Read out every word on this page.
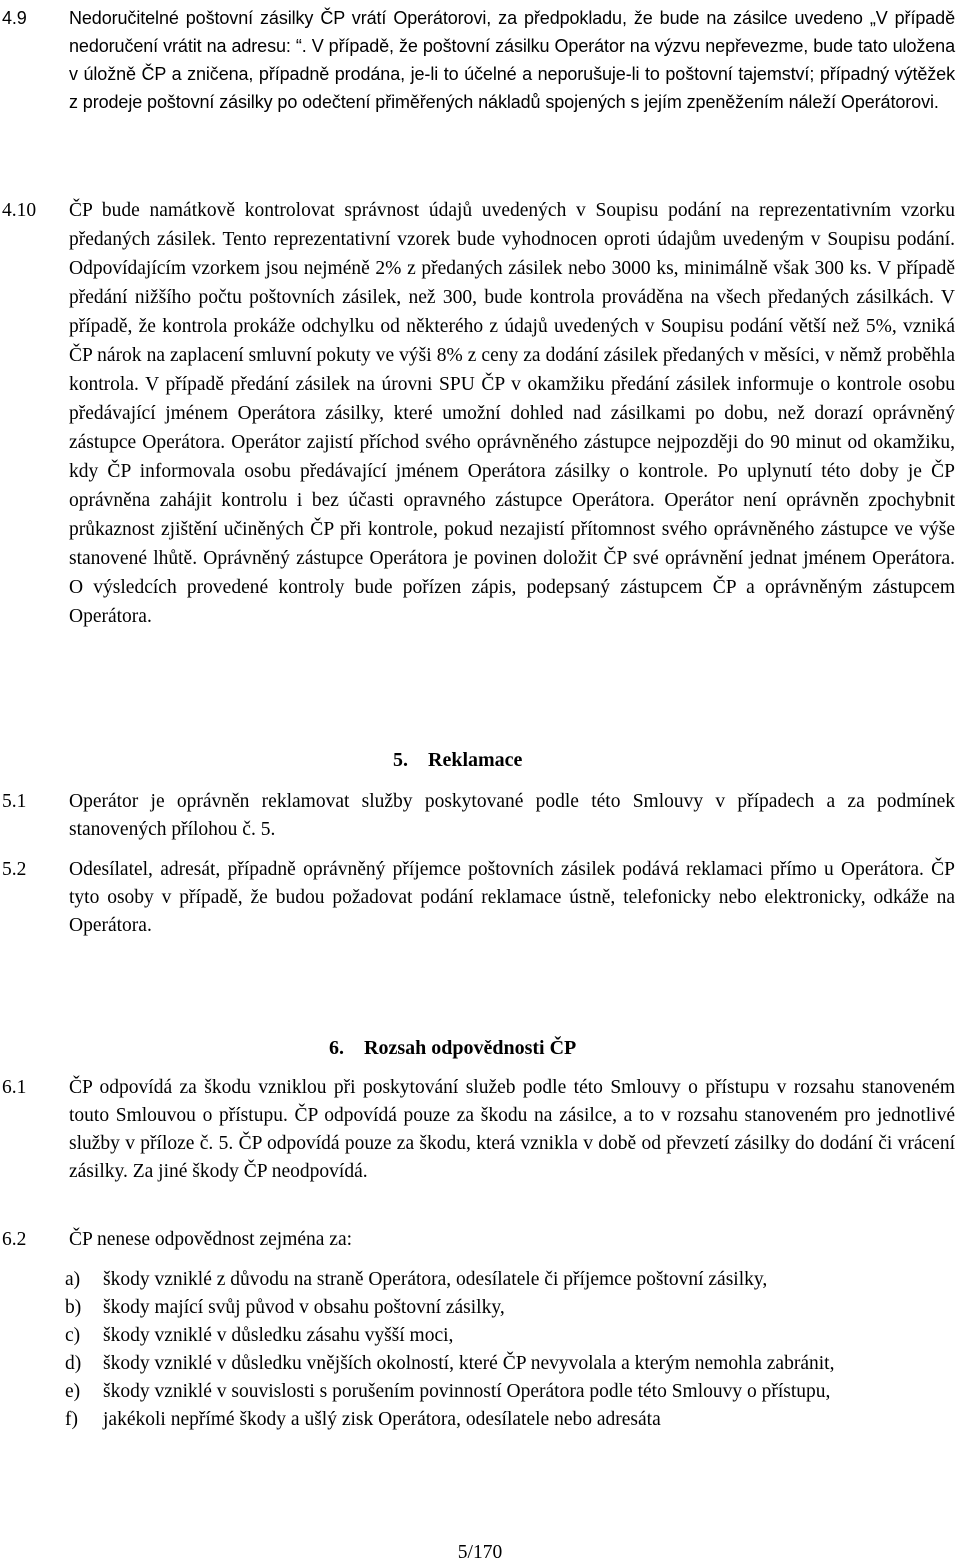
4.9 Nedoručitelné poštovní zásilky ČP vrátí Operátorovi, za předpokladu, že bude na zásilce uvedeno „V případě nedoručení vrátit na adresu: “. V případě, že poštovní zásilku Operátor na výzvu nepřevezme, bude tato uložena v úložně ČP a zničena, případně prodána, je-li to účelné a neporušuje-li to poštovní tajemství; případný výtěžek z prodeje poštovní zásilky po odečtení přiměřených nákladů spojených s jejím zpeněžením náleží Operátorovi.
4.10 ČP bude namátkově kontrolovat správnost údajů uvedených v Soupisu podání na reprezentativním vzorku předaných zásilek. Tento reprezentativní vzorek bude vyhodnocen oproti údajům uvedeným v Soupisu podání. Odpovídajícím vzorkem jsou nejméně 2% z předaných zásilek nebo 3000 ks, minimálně však 300 ks. V případě předání nižšího počtu poštovních zásilek, než 300, bude kontrola prováděna na všech předaných zásilkách. V případě, že kontrola prokáže odchylku od některého z údajů uvedených v Soupisu podání větší než 5%, vzniká ČP nárok na zaplacení smluvní pokuty ve výši 8% z ceny za dodání zásilek předaných v měsíci, v němž proběhla kontrola. V případě předání zásilek na úrovni SPU ČP v okamžiku předání zásilek informuje o kontrole osobu předávající jménem Operátora zásilky, které umožní dohled nad zásilkami po dobu, než dorazí oprávněný zástupce Operátora. Operátor zajistí příchod svého oprávněného zástupce nejpozději do 90 minut od okamžiku, kdy ČP informovala osobu předávající jménem Operátora zásilky o kontrole. Po uplynutí této doby je ČP oprávněna zahájit kontrolu i bez účasti opravného zástupce Operátora. Operátor není oprávněn zpochybnit průkaznost zjištění učiněných ČP při kontrole, pokud nezajistí přítomnost svého oprávněného zástupce ve výše stanovené lhůtě. Oprávněný zástupce Operátora je povinen doložit ČP své oprávnění jednat jménem Operátora. O výsledcích provedené kontroly bude pořízen zápis, podepsaný zástupcem ČP a oprávněným zástupcem Operátora.
5.    Reklamace
5.1 Operátor je oprávněn reklamovat služby poskytované podle této Smlouvy v případech a za podmínek stanovených přílohou č. 5.
5.2 Odesílatel, adresát, případně oprávněný příjemce poštovních zásilek podává reklamaci přímo u Operátora. ČP tyto osoby v případě, že budou požadovat podání reklamace ústně, telefonicky nebo elektronicky, odkáže na Operátora.
6.    Rozsah odpovědnosti ČP
6.1 ČP odpovídá za škodu vzniklou při poskytování služeb podle této Smlouvy o přístupu v rozsahu stanoveném touto Smlouvou o přístupu. ČP odpovídá pouze za škodu na zásilce, a to v rozsahu stanoveném pro jednotlivé služby v příloze č. 5. ČP odpovídá pouze za škodu, která vznikla v době od převzetí zásilky do dodání či vrácení zásilky. Za jiné škody ČP neodpovídá.
6.2 ČP nenese odpovědnost zejména za:
a) škody vzniklé z důvodu na straně Operátora, odesílatele či příjemce poštovní zásilky,
b) škody mající svůj původ v obsahu poštovní zásilky,
c) škody vzniklé v důsledku zásahu vyšší moci,
d) škody vzniklé v důsledku vnějších okolností, které ČP nevyvolala a kterým nemohla zabránit,
e) škody vzniklé v souvislosti s porušením povinností Operátora podle této Smlouvy o přístupu,
f) jakékoli nepřímé škody a ušlý zisk Operátora, odesílatele nebo adresáta
5/170
